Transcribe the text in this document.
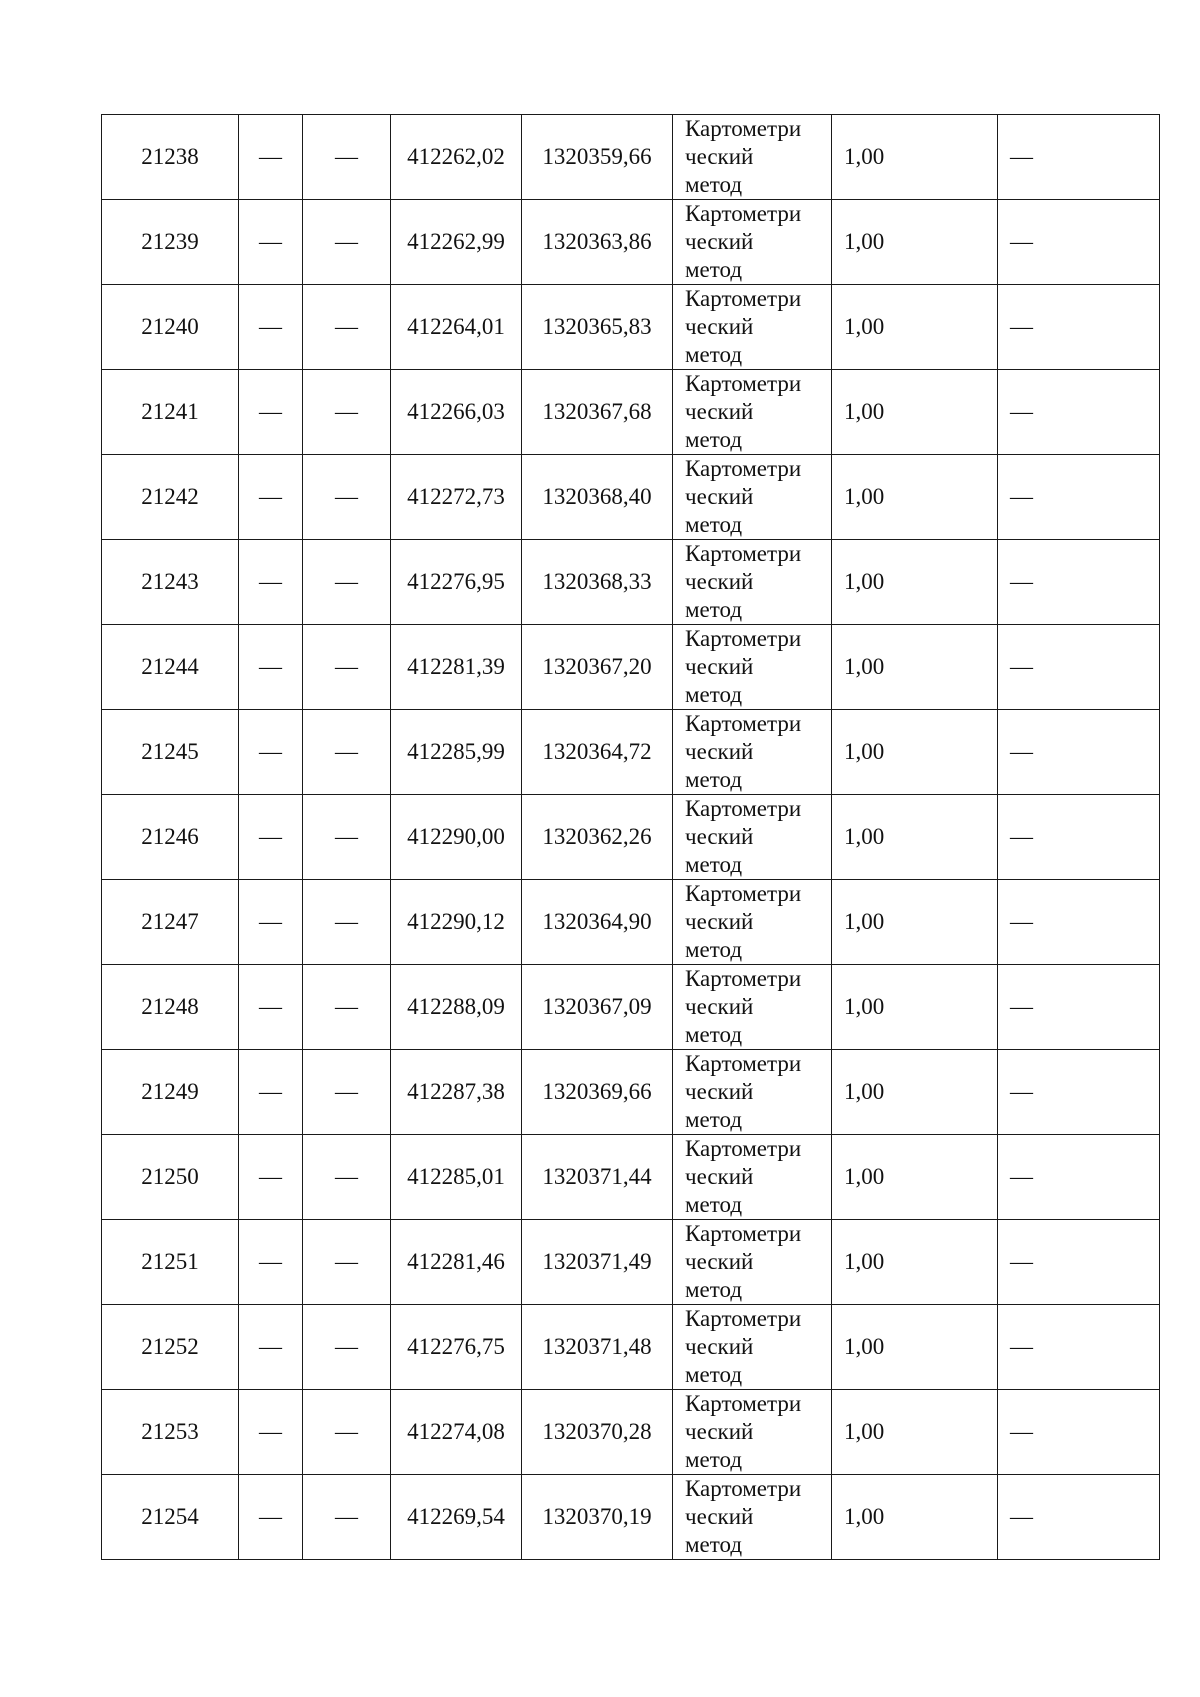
21238	—	—	412262,02	1320359,66	Картометри
ческий
метод	1,00	—
21239	—	—	412262,99	1320363,86	Картометри
ческий
метод	1,00	—
21240	—	—	412264,01	1320365,83	Картометри
ческий
метод	1,00	—
21241	—	—	412266,03	1320367,68	Картометри
ческий
метод	1,00	—
21242	—	—	412272,73	1320368,40	Картометри
ческий
метод	1,00	—
21243	—	—	412276,95	1320368,33	Картометри
ческий
метод	1,00	—
21244	—	—	412281,39	1320367,20	Картометри
ческий
метод	1,00	—
21245	—	—	412285,99	1320364,72	Картометри
ческий
метод	1,00	—
21246	—	—	412290,00	1320362,26	Картометри
ческий
метод	1,00	—
21247	—	—	412290,12	1320364,90	Картометри
ческий
метод	1,00	—
21248	—	—	412288,09	1320367,09	Картометри
ческий
метод	1,00	—
21249	—	—	412287,38	1320369,66	Картометри
ческий
метод	1,00	—
21250	—	—	412285,01	1320371,44	Картометри
ческий
метод	1,00	—
21251	—	—	412281,46	1320371,49	Картометри
ческий
метод	1,00	—
21252	—	—	412276,75	1320371,48	Картометри
ческий
метод	1,00	—
21253	—	—	412274,08	1320370,28	Картометри
ческий
метод	1,00	—
21254	—	—	412269,54	1320370,19	Картометри
ческий
метод	1,00	—
